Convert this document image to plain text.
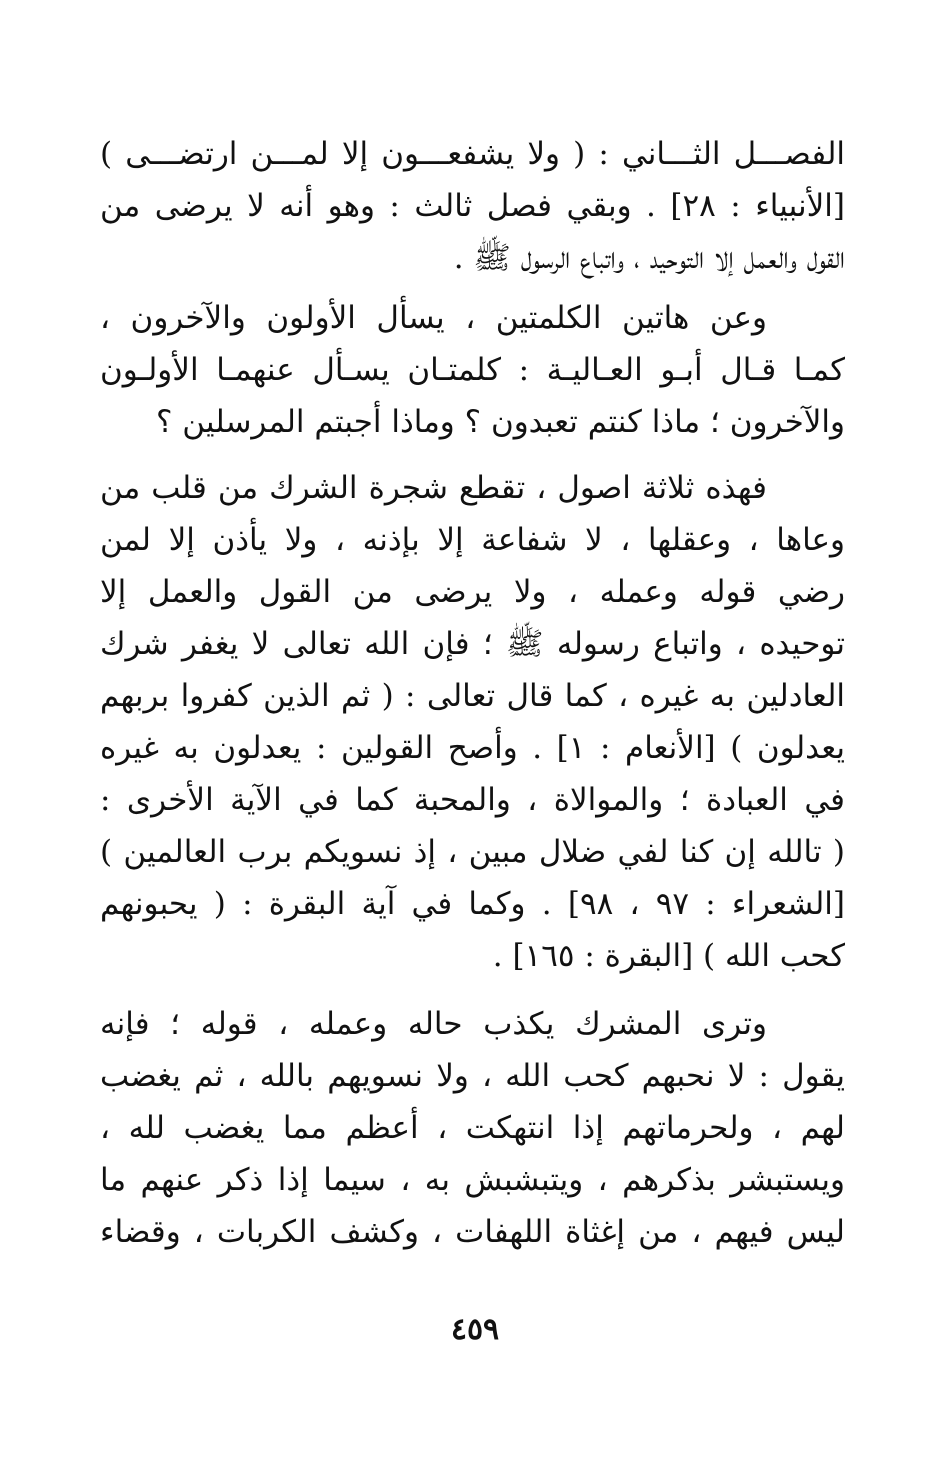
الفصـــل الثـــاني : ( ولا يشفعـــون إلا لمـــن ارتضـــى )
[الأنبياء : ٢٨] . وبقي فصل ثالث : وهو أنه لا يرضى من
القول والعمل إلا التوحيد ، واتباع الرسول ﷺ .
وعن هاتين الكلمتين ، يسأل الأولون والآخرون ،
كمـا قـال أبـو العـاليـة : كلمتـان يسـأل عنهمـا الأولـون
والآخرون ؛ ماذا كنتم تعبدون ؟ وماذا أجبتم المرسلين ؟
فهذه ثلاثة اصول ، تقطع شجرة الشرك من قلب من
وعاها ، وعقلها ، لا شفاعة إلا بإذنه ، ولا يأذن إلا لمن
رضي قوله وعمله ، ولا يرضى من القول والعمل إلا
توحيده ، واتباع رسوله ﷺ ؛ فإن الله تعالى لا يغفر شرك
العادلين به غيره ، كما قال تعالى : ( ثم الذين كفروا بربهم
يعدلون ) [الأنعام : ١] . وأصح القولين : يعدلون به غيره
في العبادة ؛ والموالاة ، والمحبة كما في الآية الأخرى :
( تالله إن كنا لفي ضلال مبين ، إذ نسويكم برب العالمين )
[الشعراء : ٩٧ ، ٩٨] . وكما في آية البقرة : ( يحبونهم
كحب الله ) [البقرة : ١٦٥] .
وترى المشرك يكذب حاله وعمله ، قوله ؛ فإنه
يقول : لا نحبهم كحب الله ، ولا نسويهم بالله ، ثم يغضب
لهم ، ولحرماتهم إذا انتهكت ، أعظم مما يغضب لله ،
ويستبشر بذكرهم ، ويتبشبش به ، سيما إذا ذكر عنهم ما
ليس فيهم ، من إغثاة اللهفات ، وكشف الكربات ، وقضاء
٤٥٩
